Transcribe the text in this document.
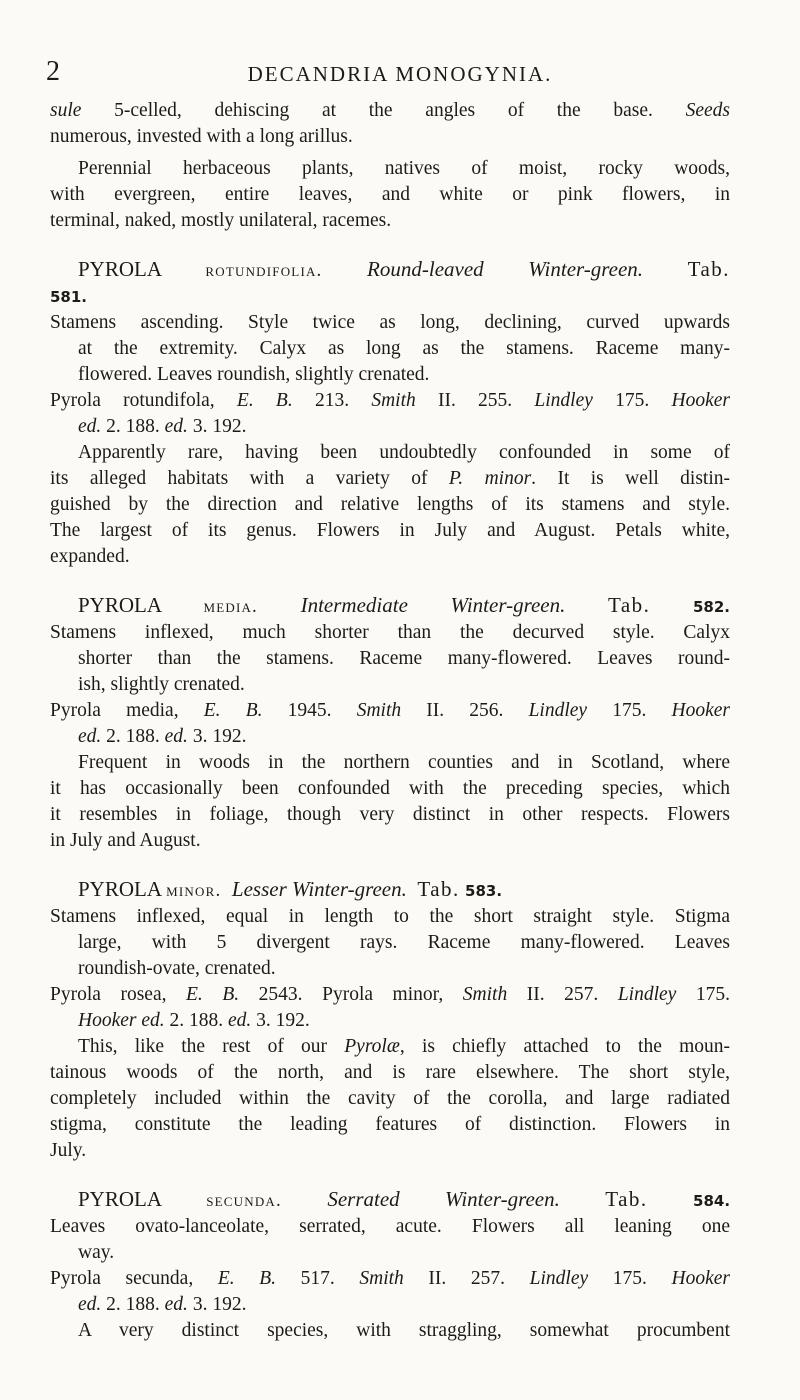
2	DECANDRIA MONOGYNIA.
sule 5-celled, dehiscing at the angles of the base. Seeds
numerous, invested with a long arillus.
Perennial herbaceous plants, natives of moist, rocky woods,
with evergreen, entire leaves, and white or pink flowers, in
terminal, naked, mostly unilateral, racemes.
PYROLA rotundifolia. Round-leaved Winter-green. Tab.
581.
Stamens ascending. Style twice as long, declining, curved upwards
at the extremity. Calyx as long as the stamens. Raceme many-
flowered. Leaves roundish, slightly crenated.
Pyrola rotundifola, E. B. 213. Smith II. 255. Lindley 175. Hooker
ed. 2. 188. ed. 3. 192.
Apparently rare, having been undoubtedly confounded in some of
its alleged habitats with a variety of P. minor. It is well distin-
guished by the direction and relative lengths of its stamens and style.
The largest of its genus. Flowers in July and August. Petals white,
expanded.
PYROLA media. Intermediate Winter-green. Tab.	582.
Stamens inflexed, much shorter than the decurved style. Calyx
shorter than the stamens. Raceme many-flowered. Leaves round-
ish, slightly crenated.
Pyrola media, E. B. 1945. Smith II. 256. Lindley 175. Hooker
ed. 2. 188. ed. 3. 192.
Frequent in woods in the northern counties and in Scotland, where
it has occasionally been confounded with the preceding species, which
it resembles in foliage, though very distinct in other respects. Flowers
in July and August.
PYROLA minor. Lesser Winter-green. Tab. 583.
Stamens inflexed, equal in length to the short straight style. Stigma
large, with 5 divergent rays. Raceme many-flowered. Leaves
roundish-ovate, crenated.
Pyrola rosea, E. B. 2543. Pyrola minor, Smith II. 257. Lindley 175.
Hooker ed. 2. 188. ed. 3. 192.
This, like the rest of our Pyrolæ, is chiefly attached to the moun-
tainous woods of the north, and is rare elsewhere. The short style,
completely included within the cavity of the corolla, and large radiated
stigma, constitute the leading features of distinction. Flowers in
July.
PYROLA secunda. Serrated Winter-green. Tab.	584.
Leaves ovato-lanceolate, serrated, acute. Flowers all leaning one
way.
Pyrola secunda, E. B. 517. Smith II. 257. Lindley 175. Hooker
ed. 2. 188. ed. 3. 192.
A very distinct species, with straggling, somewhat procumbent
